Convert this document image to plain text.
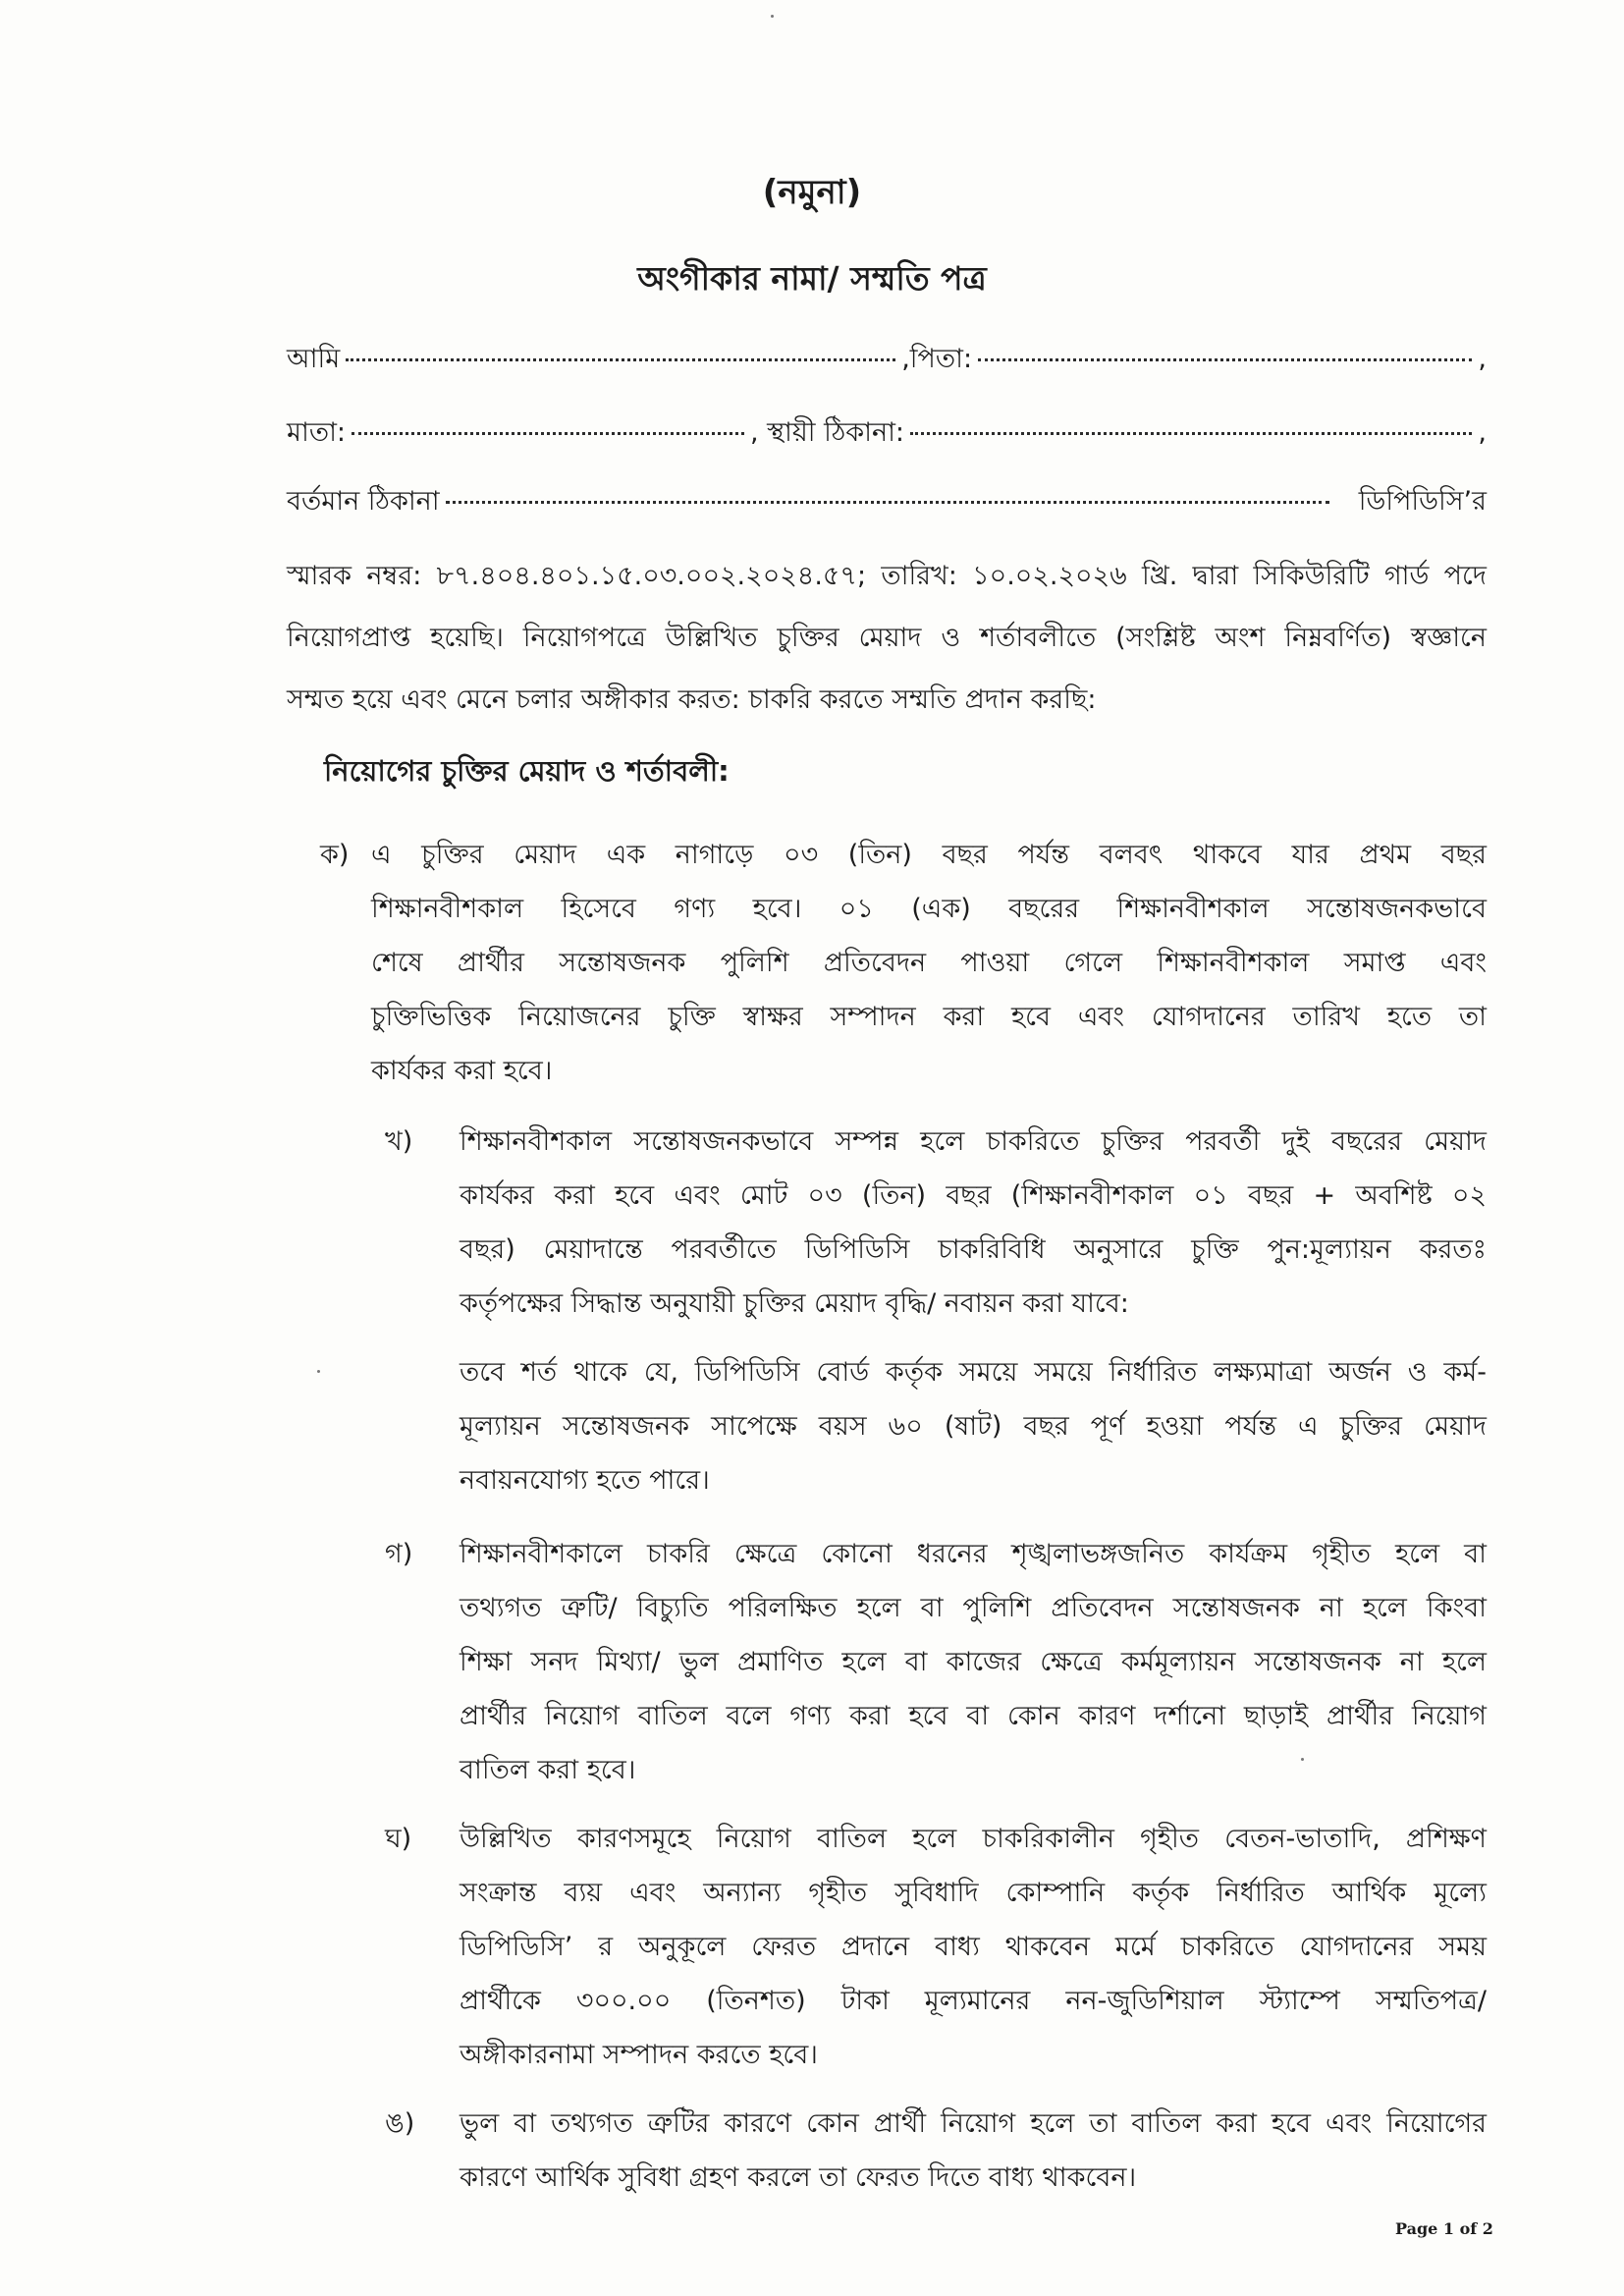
(নমুনা)
অংগীকার নামা/ সম্মতি পত্র
আমি	,পিতা:	,
মাতা:	, স্থায়ী ঠিকানা:	,
বর্তমান ঠিকানা	ডিপিডিসি’র
স্মারক নম্বর: ৮৭.৪০৪.৪০১.১৫.০৩.০০২.২০২৪.৫৭; তারিখ: ১০.০২.২০২৬ খ্রি. দ্বারা সিকিউরিটি গার্ড পদে
নিয়োগপ্রাপ্ত হয়েছি। নিয়োগপত্রে উল্লিখিত চুক্তির মেয়াদ ও শর্তাবলীতে (সংশ্লিষ্ট অংশ নিম্নবর্ণিত) স্বজ্ঞানে
সম্মত হয়ে এবং মেনে চলার অঙ্গীকার করত: চাকরি করতে সম্মতি প্রদান করছি:
নিয়োগের চুক্তির মেয়াদ ও শর্তাবলী:
ক) এ চুক্তির মেয়াদ এক নাগাড়ে ০৩ (তিন) বছর পর্যন্ত বলবৎ থাকবে যার প্রথম বছর
শিক্ষানবীশকাল হিসেবে গণ্য হবে। ০১ (এক) বছরের শিক্ষানবীশকাল সন্তোষজনকভাবে
শেষে প্রার্থীর সন্তোষজনক পুলিশি প্রতিবেদন পাওয়া গেলে শিক্ষানবীশকাল সমাপ্ত এবং
চুক্তিভিত্তিক নিয়োজনের চুক্তি স্বাক্ষর সম্পাদন করা হবে এবং যোগদানের তারিখ হতে তা
কার্যকর করা হবে।
খ) শিক্ষানবীশকাল সন্তোষজনকভাবে সম্পন্ন হলে চাকরিতে চুক্তির পরবর্তী দুই বছরের মেয়াদ
কার্যকর করা হবে এবং মোট ০৩ (তিন) বছর (শিক্ষানবীশকাল ০১ বছর + অবশিষ্ট ০২
বছর) মেয়াদান্তে পরবর্তীতে ডিপিডিসি চাকরিবিধি অনুসারে চুক্তি পুন:মূল্যায়ন করতঃ
কর্তৃপক্ষের সিদ্ধান্ত অনুযায়ী চুক্তির মেয়াদ বৃদ্ধি/ নবায়ন করা যাবে:
তবে শর্ত থাকে যে, ডিপিডিসি বোর্ড কর্তৃক সময়ে সময়ে নির্ধারিত লক্ষ্যমাত্রা অর্জন ও কর্ম-
মূল্যায়ন সন্তোষজনক সাপেক্ষে বয়স ৬০ (ষাট) বছর পূর্ণ হওয়া পর্যন্ত এ চুক্তির মেয়াদ
নবায়নযোগ্য হতে পারে।
গ) শিক্ষানবীশকালে চাকরি ক্ষেত্রে কোনো ধরনের শৃঙ্খলাভঙ্গজনিত কার্যক্রম গৃহীত হলে বা
তথ্যগত ত্রুটি/ বিচ্যুতি পরিলক্ষিত হলে বা পুলিশি প্রতিবেদন সন্তোষজনক না হলে কিংবা
শিক্ষা সনদ মিথ্যা/ ভুল প্রমাণিত হলে বা কাজের ক্ষেত্রে কর্মমূল্যায়ন সন্তোষজনক না হলে
প্রার্থীর নিয়োগ বাতিল বলে গণ্য করা হবে বা কোন কারণ দর্শানো ছাড়াই প্রার্থীর নিয়োগ
বাতিল করা হবে।
ঘ) উল্লিখিত কারণসমূহে নিয়োগ বাতিল হলে চাকরিকালীন গৃহীত বেতন-ভাতাদি, প্রশিক্ষণ
সংক্রান্ত ব্যয় এবং অন্যান্য গৃহীত সুবিধাদি কোম্পানি কর্তৃক নির্ধারিত আর্থিক মূল্যে
ডিপিডিসি’ র অনুকূলে ফেরত প্রদানে বাধ্য থাকবেন মর্মে চাকরিতে যোগদানের সময়
প্রার্থীকে ৩০০.০০ (তিনশত) টাকা মূল্যমানের নন-জুডিশিয়াল স্ট্যাম্পে সম্মতিপত্র/
অঙ্গীকারনামা সম্পাদন করতে হবে।
ঙ) ভুল বা তথ্যগত ত্রুটির কারণে কোন প্রার্থী নিয়োগ হলে তা বাতিল করা হবে এবং নিয়োগের
কারণে আর্থিক সুবিধা গ্রহণ করলে তা ফেরত দিতে বাধ্য থাকবেন।
Page 1 of 2
